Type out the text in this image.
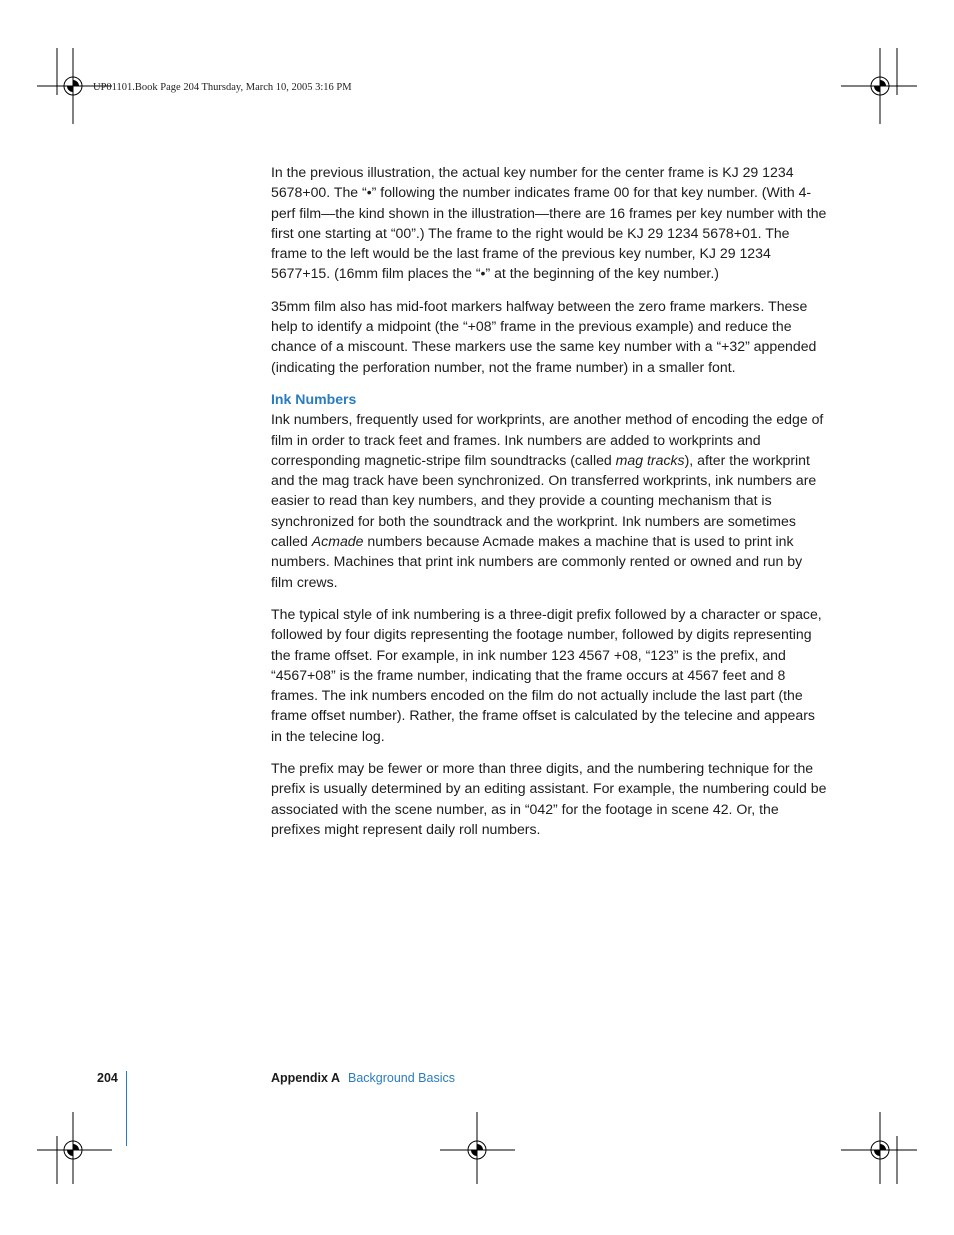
UP01101.Book Page 204 Thursday, March 10, 2005 3:16 PM

In the previous illustration, the actual key number for the center frame is KJ 29 1234 5678+00. The “•” following the number indicates frame 00 for that key number. (With 4-perf film—the kind shown in the illustration—there are 16 frames per key number with the first one starting at “00”.) The frame to the right would be KJ 29 1234 5678+01. The frame to the left would be the last frame of the previous key number, KJ 29 1234 5677+15. (16mm film places the “•” at the beginning of the key number.)

35mm film also has mid-foot markers halfway between the zero frame markers. These help to identify a midpoint (the “+08” frame in the previous example) and reduce the chance of a miscount. These markers use the same key number with a “+32” appended (indicating the perforation number, not the frame number) in a smaller font.

Ink Numbers

Ink numbers, frequently used for workprints, are another method of encoding the edge of film in order to track feet and frames. Ink numbers are added to workprints and corresponding magnetic-stripe film soundtracks (called mag tracks), after the workprint and the mag track have been synchronized. On transferred workprints, ink numbers are easier to read than key numbers, and they provide a counting mechanism that is synchronized for both the soundtrack and the workprint. Ink numbers are sometimes called Acmade numbers because Acmade makes a machine that is used to print ink numbers. Machines that print ink numbers are commonly rented or owned and run by film crews.

The typical style of ink numbering is a three-digit prefix followed by a character or space, followed by four digits representing the footage number, followed by digits representing the frame offset. For example, in ink number 123 4567 +08, “123” is the prefix, and “4567+08” is the frame number, indicating that the frame occurs at 4567 feet and 8 frames. The ink numbers encoded on the film do not actually include the last part (the frame offset number). Rather, the frame offset is calculated by the telecine and appears in the telecine log.

The prefix may be fewer or more than three digits, and the numbering technique for the prefix is usually determined by an editing assistant. For example, the numbering could be associated with the scene number, as in “042” for the footage in scene 42. Or, the prefixes might represent daily roll numbers.

204	Appendix A Background Basics
